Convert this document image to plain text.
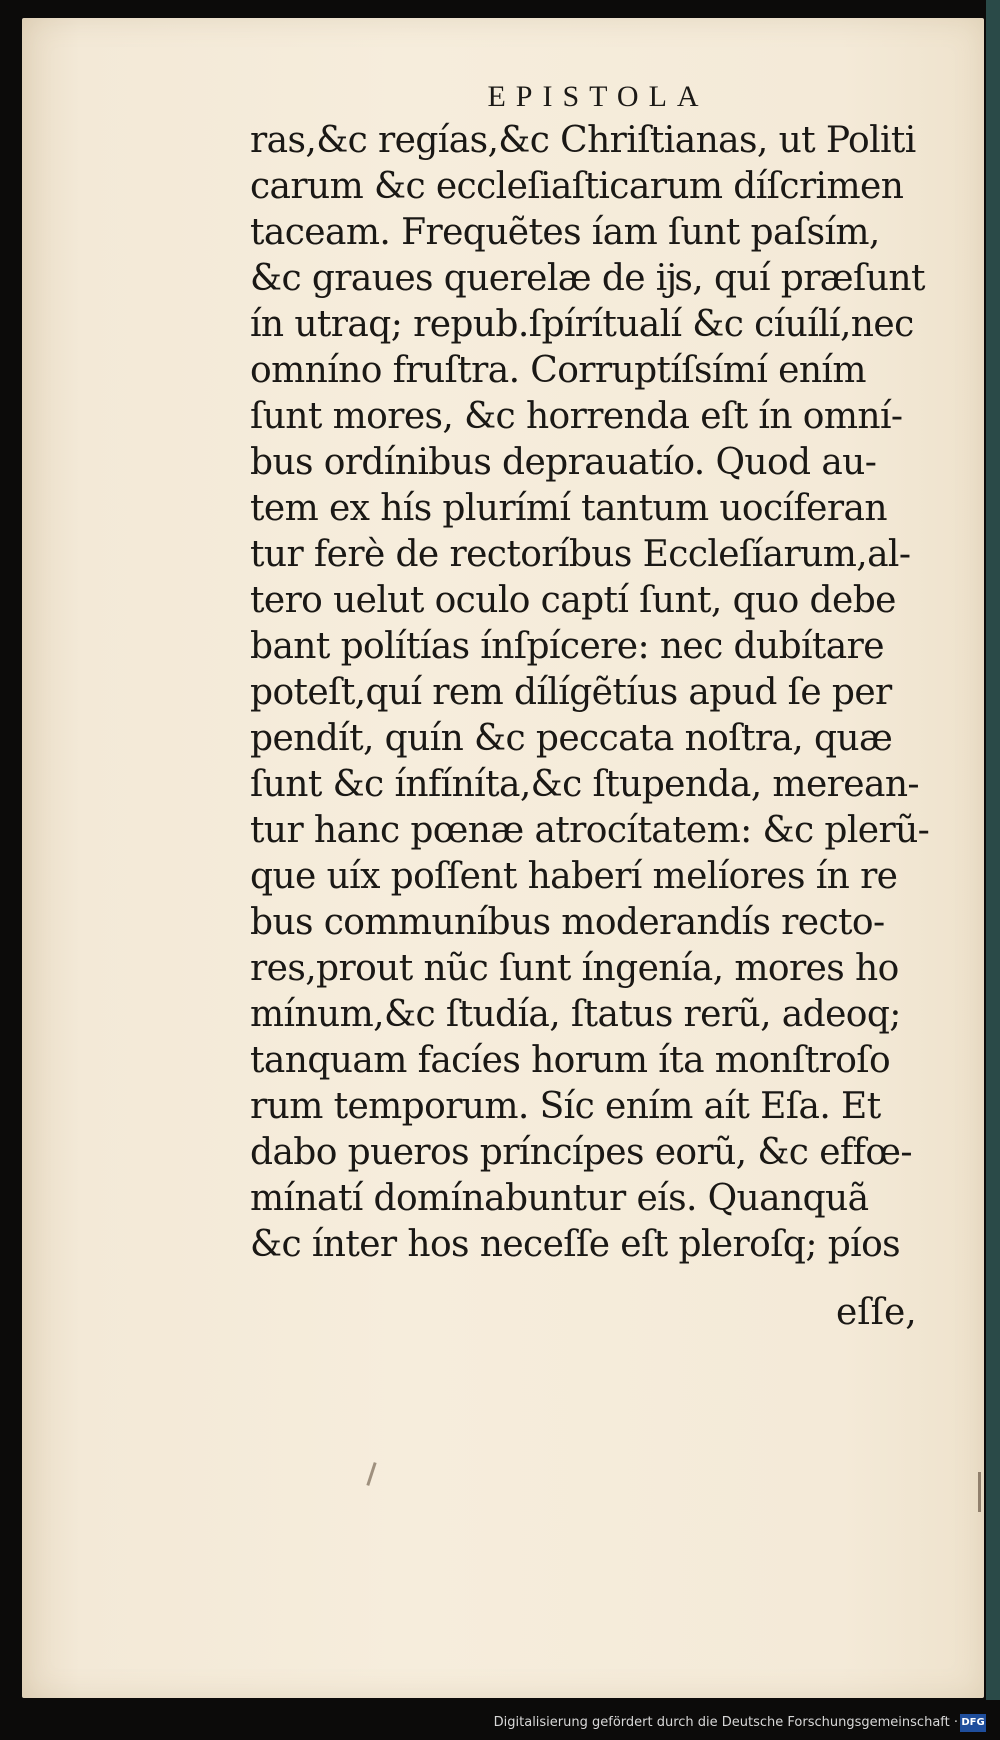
EPISTOLA
ras,&c regías,&c Chriſtianas, ut Politi
carum &c eccleſiaſticarum díſcrimen
taceam. Frequẽtes íam ſunt paſsím,
&c graues querelæ de ĳs, quí præſunt
ín utraq; repub.ſpírítualí &c cíuílí,nec
omníno fruſtra. Corruptíſsímí ením
ſunt mores, &c horrenda eſt ín omní-
bus ordínibus deprauatío. Quod au-
tem ex hís plurímí tantum uocíferan
tur ferè de rectoríbus Eccleſíarum,al-
tero uelut oculo captí ſunt, quo debe
bant polítías ínſpícere: nec dubítare
poteſt,quí rem dílígẽtíus apud ſe per
pendít, quín &c peccata noſtra, quæ
ſunt &c ínfíníta,&c ſtupenda, merean-
tur hanc pœnæ atrocítatem: &c plerũ-
que uíx poſſent haberí melíores ín re
bus communíbus moderandís recto-
res,prout nũc ſunt íngenía, mores ho
mínum,&c ſtudía, ſtatus rerũ, adeoq;
tanquam facíes horum íta monſtroſo
rum temporum. Síc ením aít Eſa. Et
dabo pueros príncípes eorũ, &c effœ-
mínatí domínabuntur eís. Quanquã
&c ínter hos neceſſe eſt pleroſq; píos
eſſe,
Digitalisierung gefördert durch die Deutsche Forschungsgemeinschaft · DFG
